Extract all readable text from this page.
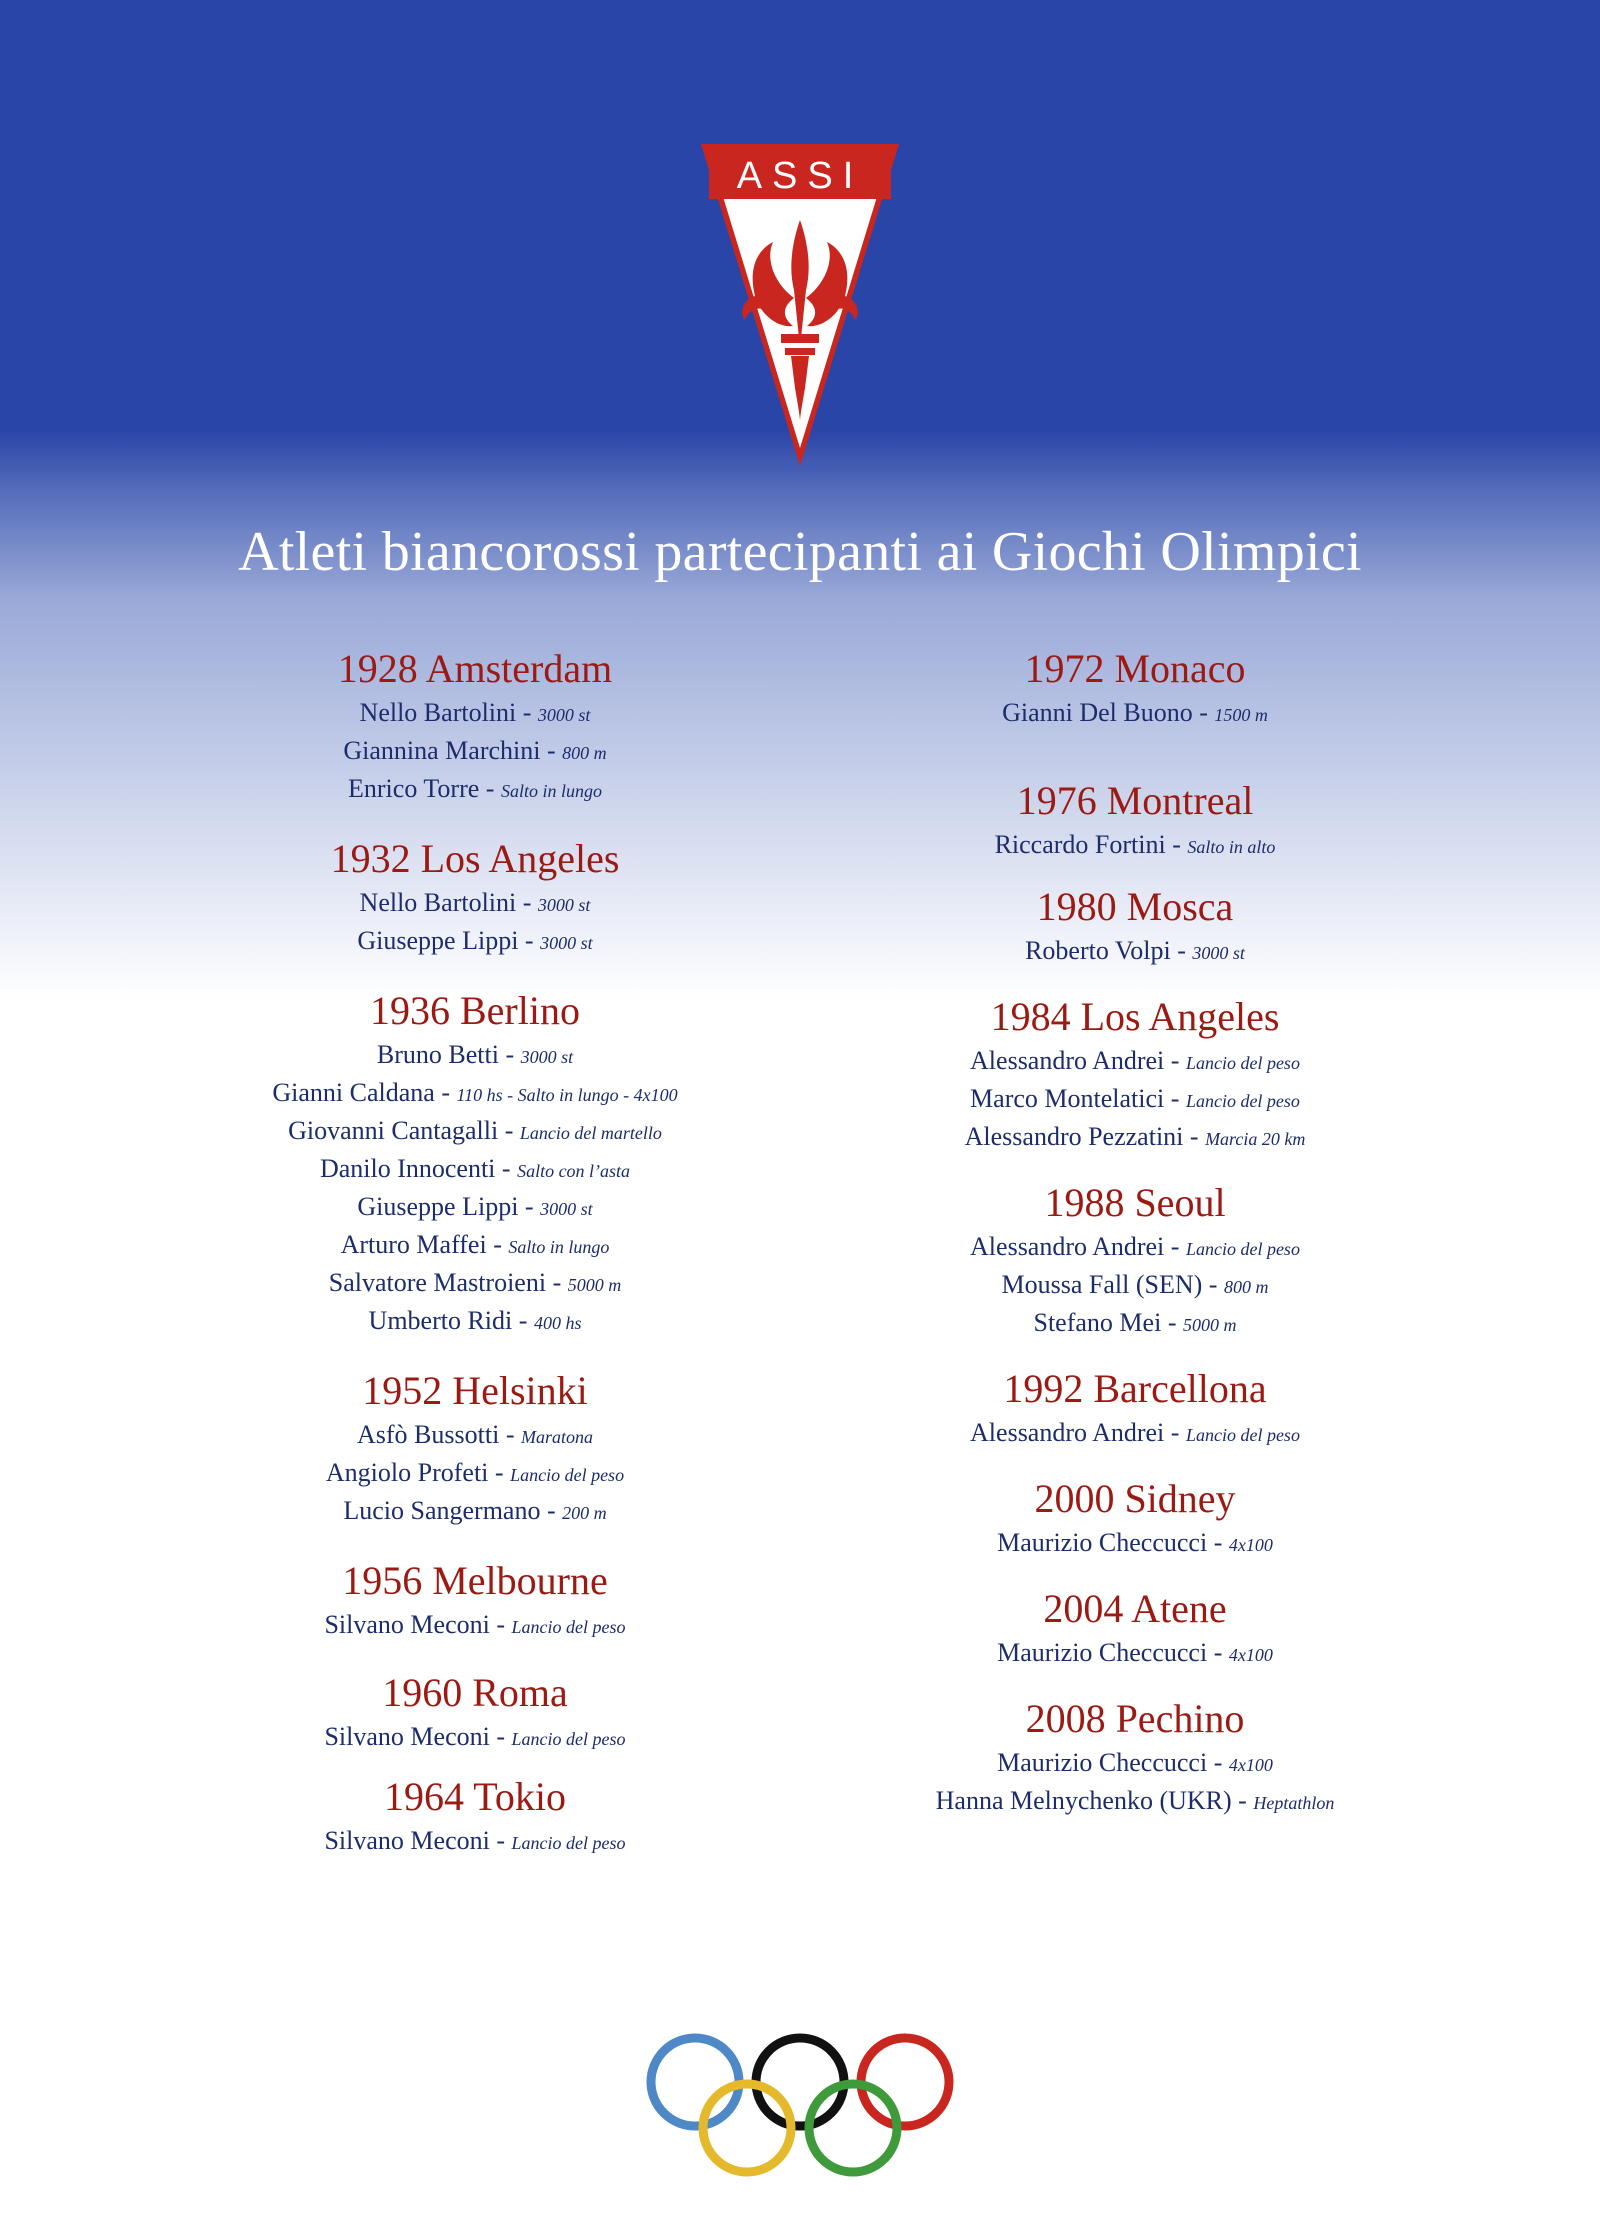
ASSI
Atleti biancorossi partecipanti ai Giochi Olimpici
1928 Amsterdam
Nello Bartolini - 3000 st
Giannina Marchini - 800 m
Enrico Torre - Salto in lungo
1932 Los Angeles
Nello Bartolini - 3000 st
Giuseppe Lippi - 3000 st
1936 Berlino
Bruno Betti - 3000 st
Gianni Caldana - 110 hs - Salto in lungo - 4x100
Giovanni Cantagalli - Lancio del martello
Danilo Innocenti - Salto con l’asta
Giuseppe Lippi - 3000 st
Arturo Maffei - Salto in lungo
Salvatore Mastroieni - 5000 m
Umberto Ridi - 400 hs
1952 Helsinki
Asfò Bussotti - Maratona
Angiolo Profeti - Lancio del peso
Lucio Sangermano - 200 m
1956 Melbourne
Silvano Meconi - Lancio del peso
1960 Roma
Silvano Meconi - Lancio del peso
1964 Tokio
Silvano Meconi - Lancio del peso
1972 Monaco
Gianni Del Buono - 1500 m
1976 Montreal
Riccardo Fortini - Salto in alto
1980 Mosca
Roberto Volpi - 3000 st
1984 Los Angeles
Alessandro Andrei - Lancio del peso
Marco Montelatici - Lancio del peso
Alessandro Pezzatini - Marcia 20 km
1988 Seoul
Alessandro Andrei - Lancio del peso
Moussa Fall (SEN) - 800 m
Stefano Mei - 5000 m
1992 Barcellona
Alessandro Andrei - Lancio del peso
2000 Sidney
Maurizio Checcucci - 4x100
2004 Atene
Maurizio Checcucci - 4x100
2008 Pechino
Maurizio Checcucci - 4x100
Hanna Melnychenko (UKR) - Heptathlon
